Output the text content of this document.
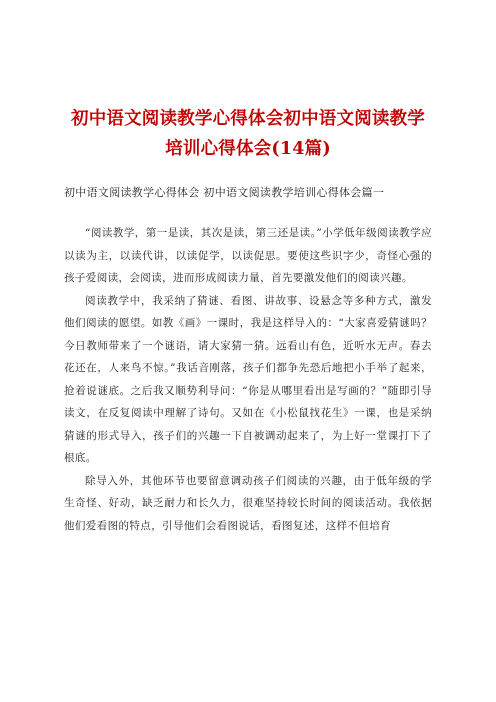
初中语文阅读教学心得体会初中语文阅读教学培训心得体会(14篇)
初中语文阅读教学心得体会 初中语文阅读教学培训心得体会篇一

“阅读教学，第一是读，其次是读，第三还是读。”小学低年级阅读教学应以读为主，以读代讲，以读促学，以读促思。要使这些识字少，奇怪心强的孩子爱阅读，会阅读，进而形成阅读力量，首先要激发他们的阅读兴趣。

阅读教学中，我采纳了猜谜、看图、讲故事、设悬念等多种方式，激发他们阅读的愿望。如教《画》一课时，我是这样导入的：“大家喜爱猜谜吗？今日教师带来了一个谜语，请大家猜一猜。远看山有色，近听水无声。春去花还在，人来鸟不惊。”我话音刚落，孩子们都争先恐后地把小手举了起来，抢着说谜底。之后我又顺势利导问：“你是从哪里看出是写画的？”随即引导读文，在反复阅读中理解了诗句。又如在《小松鼠找花生》一课，也是采纳猜谜的形式导入，孩子们的兴趣一下自被调动起来了，为上好一堂课打下了根底。

除导入外，其他环节也要留意调动孩子们阅读的兴趣，由于低年级的学生奇怪、好动，缺乏耐力和长久力，很难坚持较长时间的阅读活动。我依据他们爱看图的特点，引导他们会看图说话，看图复述，这样不但培育
